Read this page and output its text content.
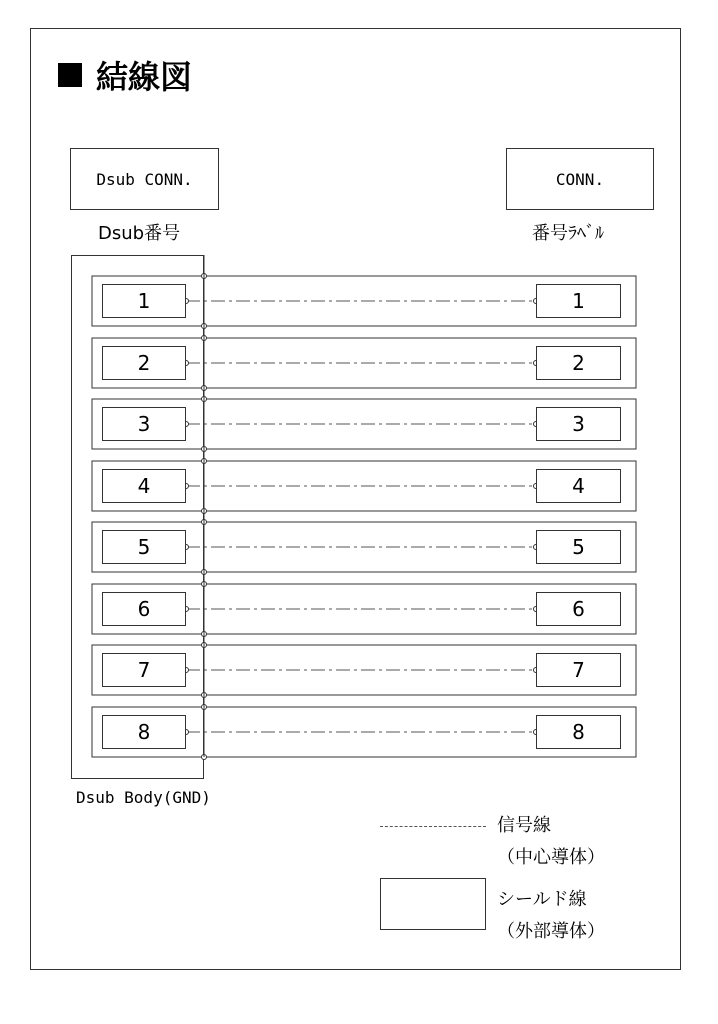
結線図
Dsub CONN.	CONN.
Dsub番号	番号ﾗﾍﾞﾙ
Dsub Body(GND)
1	1
2	2
3	3
4	4
5	5
6	6
7	7
8	8
信号線
（中心導体）
シールド線
（外部導体）
